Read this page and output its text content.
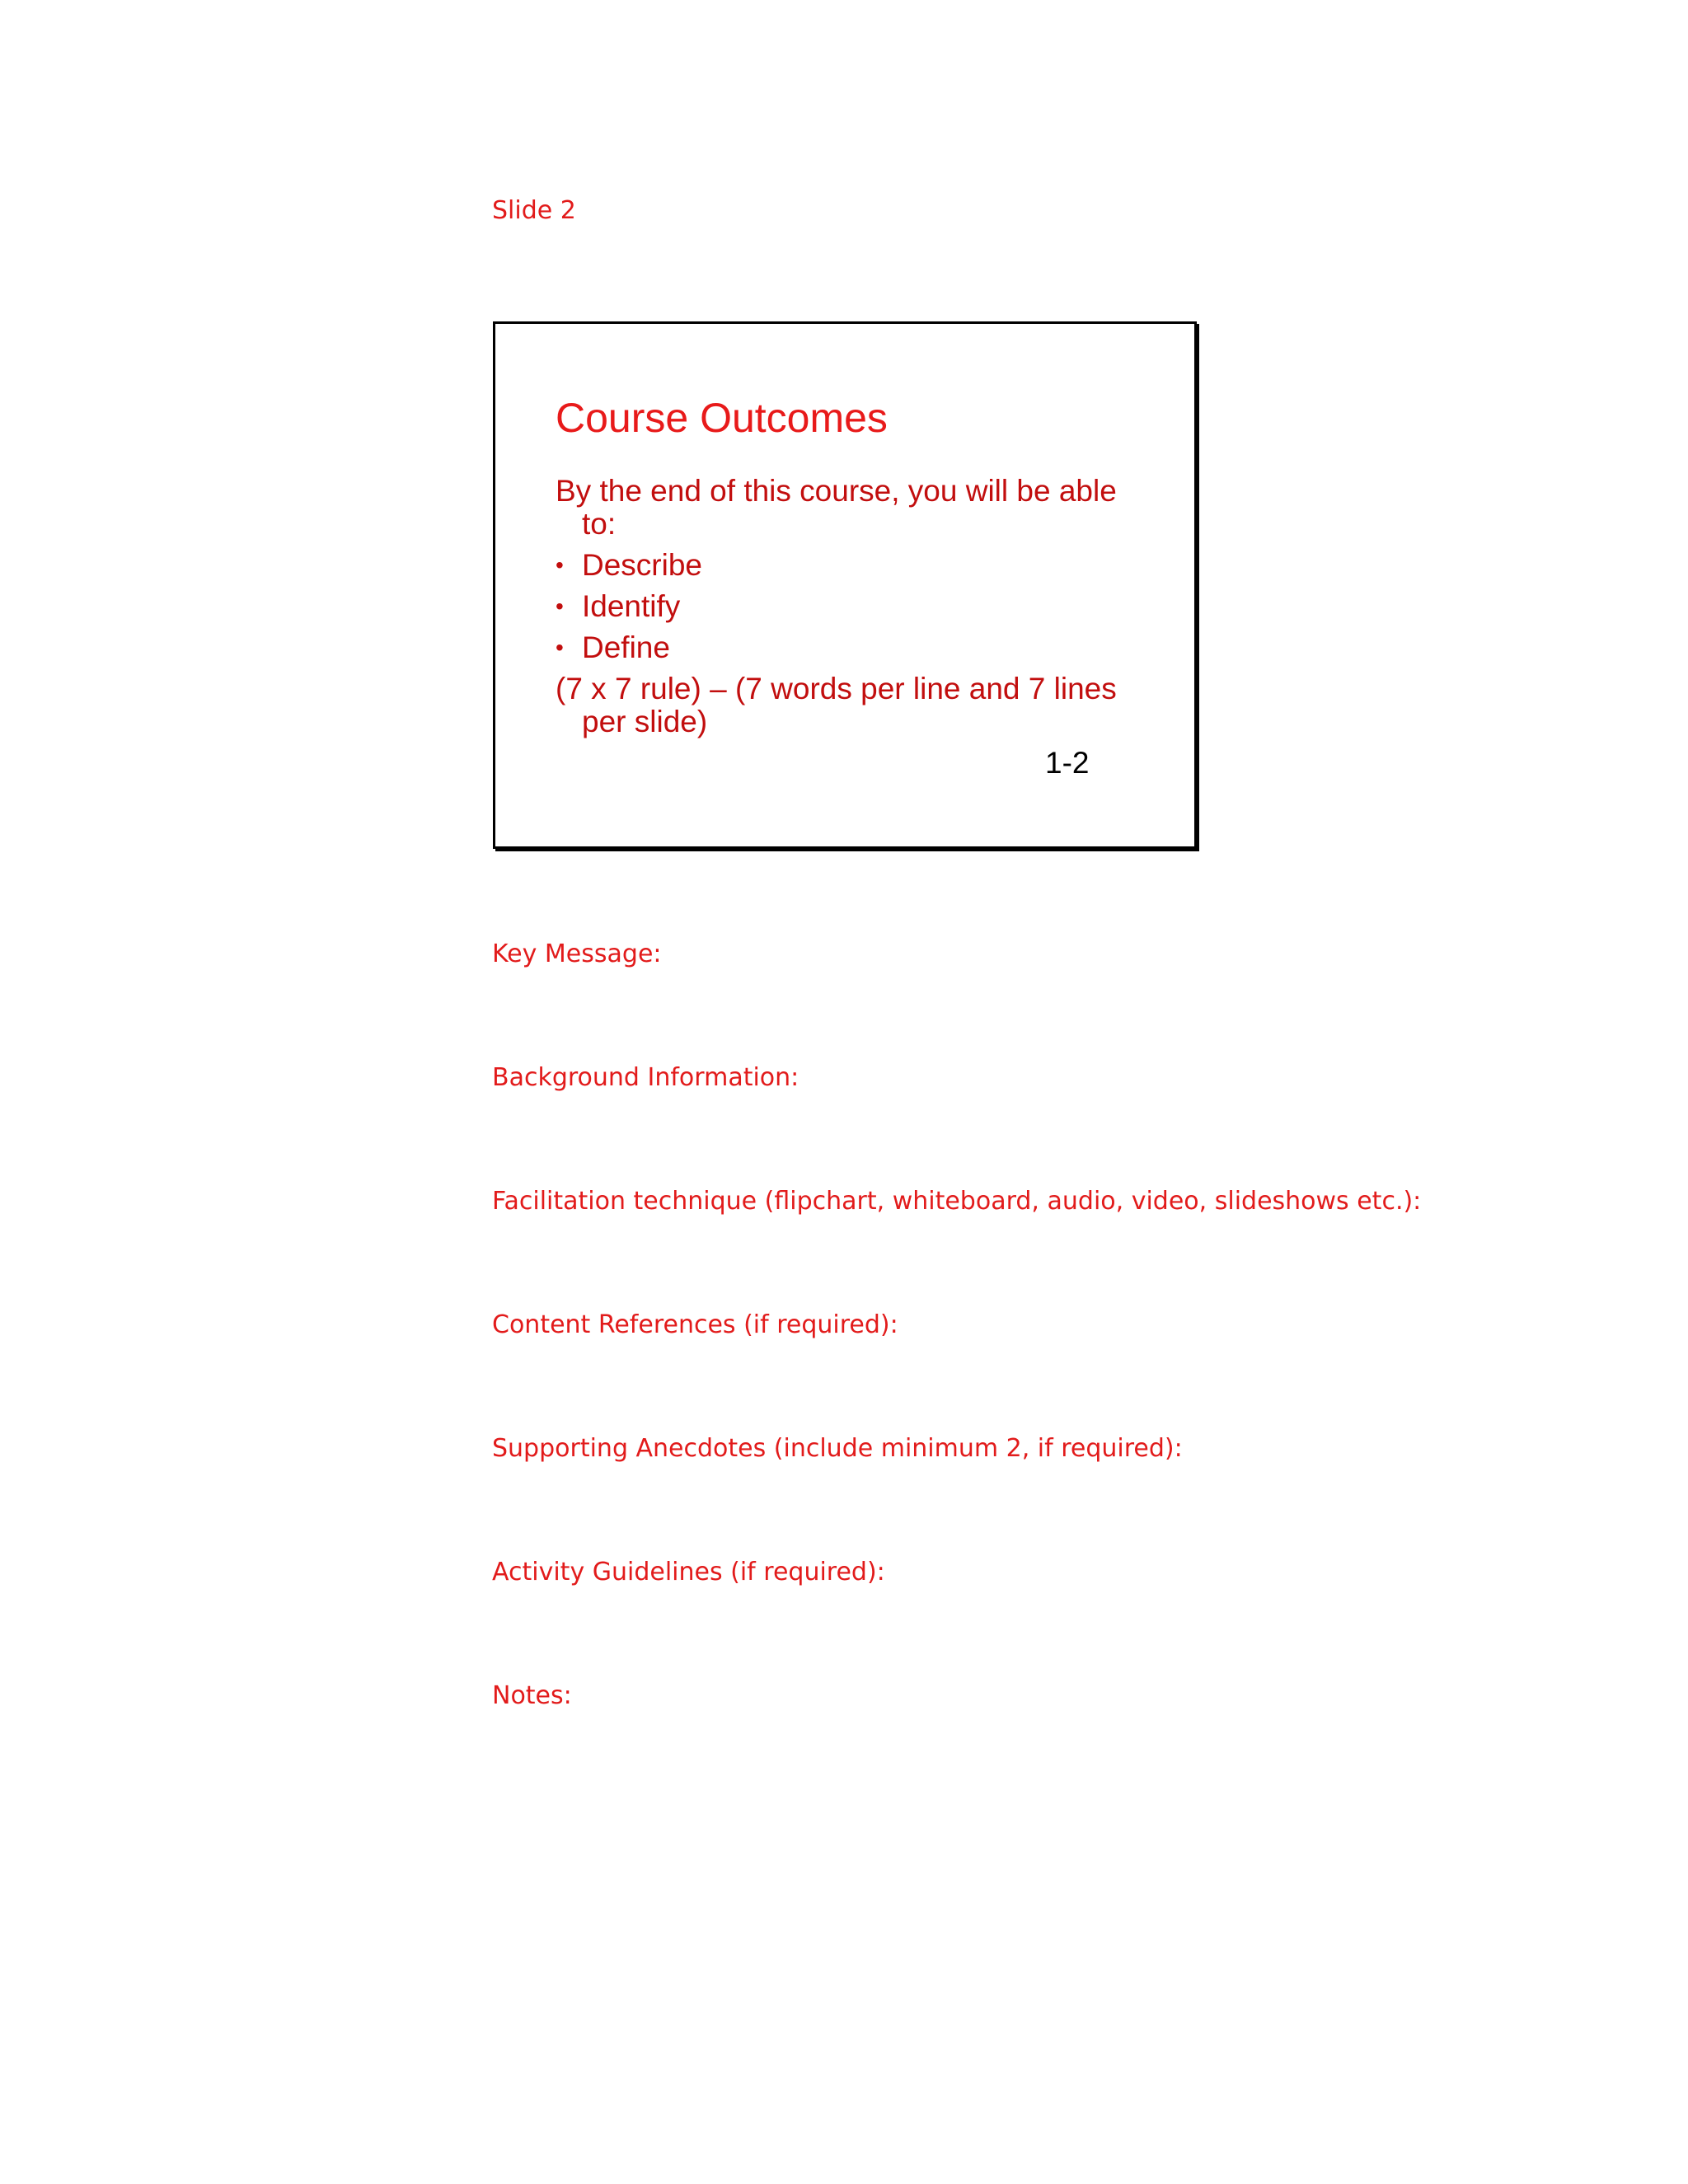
Slide 2
Course Outcomes

By the end of this course, you will be able to:

• Describe

• Identify

• Define

(7 x 7 rule) – (7 words per line and 7 lines per slide)

1-2
Key Message:
Background Information:
Facilitation technique (flipchart, whiteboard, audio, video, slideshows etc.):
Content References (if required):
Supporting Anecdotes (include minimum 2, if required):
Activity Guidelines (if required):
Notes:
